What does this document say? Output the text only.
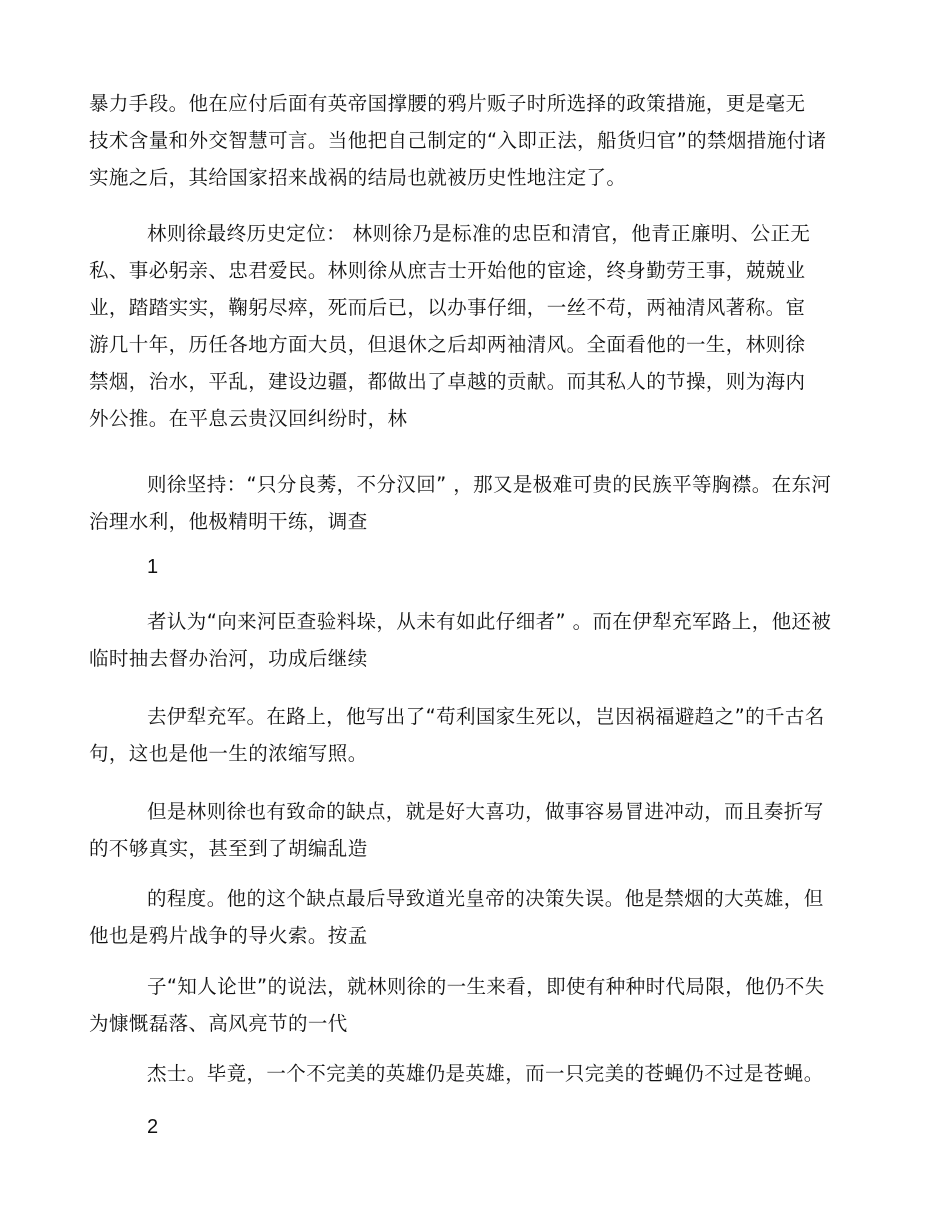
暴力手段。他在应付后面有英帝国撑腰的鸦片贩子时所选择的政策措施，更是毫无
技术含量和外交智慧可言。当他把自己制定的“入即正法，船货归官”的禁烟措施付诸
实施之后，其给国家招来战祸的结局也就被历史性地注定了。

林则徐最终历史定位： 林则徐乃是标准的忠臣和清官，他青正廉明、公正无
私、事必躬亲、忠君爱民。林则徐从庶吉士开始他的宦途，终身勤劳王事，兢兢业
业，踏踏实实，鞠躬尽瘁，死而后已，以办事仔细，一丝不苟，两袖清风著称。宦
游几十年，历任各地方面大员，但退休之后却两袖清风。全面看他的一生，林则徐
禁烟，治水，平乱，建设边疆，都做出了卓越的贡献。而其私人的节操，则为海内
外公推。在平息云贵汉回纠纷时，林

则徐坚持：“只分良莠，不分汉回” ，那又是极难可贵的民族平等胸襟。在东河
治理水利，他极精明干练，调查

1

者认为“向来河臣查验料垛，从未有如此仔细者” 。而在伊犁充军路上，他还被
临时抽去督办治河，功成后继续

去伊犁充军。在路上，他写出了“苟利国家生死以，岂因祸福避趋之”的千古名
句，这也是他一生的浓缩写照。

但是林则徐也有致命的缺点，就是好大喜功，做事容易冒进冲动，而且奏折写
的不够真实，甚至到了胡编乱造

的程度。他的这个缺点最后导致道光皇帝的决策失误。他是禁烟的大英雄，但
他也是鸦片战争的导火索。按孟

子“知人论世”的说法，就林则徐的一生来看，即使有种种时代局限，他仍不失
为慷慨磊落、高风亮节的一代

杰士。毕竟，一个不完美的英雄仍是英雄，而一只完美的苍蝇仍不过是苍蝇。

2
